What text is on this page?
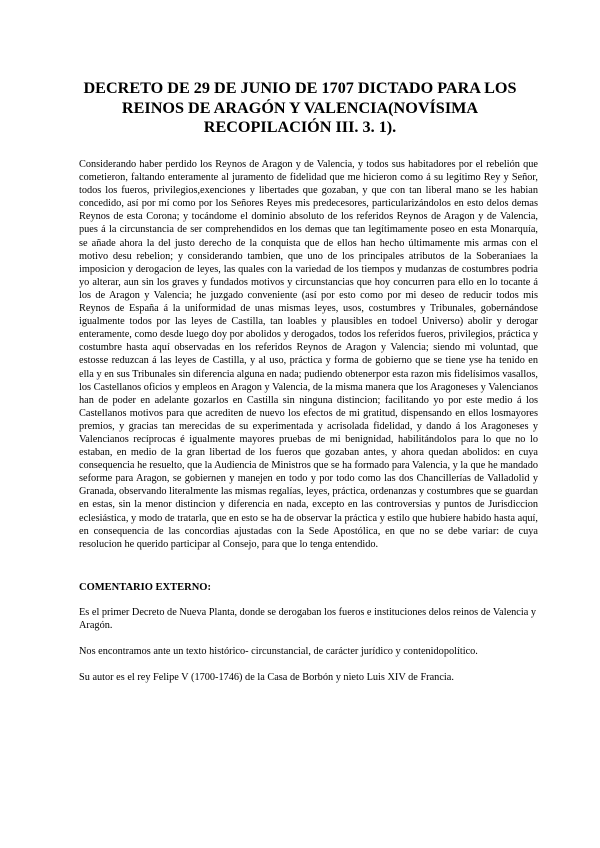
DECRETO DE 29 DE JUNIO DE 1707 DICTADO PARA LOS REINOS DE ARAGÓN Y VALENCIA(NOVÍSIMA RECOPILACIÓN III. 3. 1).

Considerando haber perdido los Reynos de Aragon y de Valencia, y todos sus habitadores por el rebelión que cometieron, faltando enteramente al juramento de fidelidad que me hicieron como á su legítimo Rey y Señor, todos los fueros, privilegios,exenciones y libertades que gozaban, y que con tan liberal mano se les habian concedido, así por mí como por los Señores Reyes mis predecesores, particularizándolos en esto delos demas Reynos de esta Corona; y tocándome el dominio absoluto de los referidos Reynos de Aragon y de Valencia, pues á la circunstancia de ser comprehendidos en los demas que tan legítimamente poseo en esta Monarquía, se añade ahora la del justo derecho de la conquista que de ellos han hecho últimamente mis armas con el motivo desu rebelion; y considerando tambien, que uno de los principales atributos de la Soberaniaes la imposicion y derogacion de leyes, las quales con la variedad de los tiempos y mudanzas de costumbres podria yo alterar, aun sin los graves y fundados motivos y circunstancias que hoy concurren para ello en lo tocante á los de Aragon y Valencia; he juzgado conveniente (así por esto como por mi deseo de reducir todos mis Reynos de España á la uniformidad de unas mismas leyes, usos, costumbres y Tribunales, gobernándose igualmente todos por las leyes de Castilla, tan loables y plausibles en todoel Universo) abolir y derogar enteramente, como desde luego doy por abolidos y derogados, todos los referidos fueros, privilegios, práctica y costumbre hasta aquí observadas en los referidos Reynos de Aragon y Valencia; siendo mi voluntad, que estosse reduzcan á las leyes de Castilla, y al uso, práctica y forma de gobierno que se tiene yse ha tenido en ella y en sus Tribunales sin diferencia alguna en nada; pudiendo obtenerpor esta razon mis fidelísimos vasallos, los Castellanos oficios y empleos en Aragon y Valencia, de la misma manera que los Aragoneses y Valencianos han de poder en adelante gozarlos en Castilla sin ninguna distincion; facilitando yo por este medio á los Castellanos motivos para que acrediten de nuevo los efectos de mi gratitud, dispensando en ellos losmayores premios, y gracias tan merecidas de su experimentada y acrisolada fidelidad, y dando á los Aragoneses y Valencianos recíprocas é igualmente mayores pruebas de mi benignidad, habilitándolos para lo que no lo estaban, en medio de la gran libertad de los fueros que gozaban antes, y ahora quedan abolidos: en cuya consequencia he resuelto, que la Audiencia de Ministros que se ha formado para Valencia, y la que he mandado seforme para Aragon, se gobiernen y manejen en todo y por todo como las dos Chancillerías de Valladolid y Granada, observando literalmente las mismas regalías, leyes, práctica, ordenanzas y costumbres que se guardan en estas, sin la menor distincion y diferencia en nada, excepto en las controversias y puntos de Jurisdiccion eclesiástica, y modo de tratarla, que en esto se ha de observar la práctica y estilo que hubiere habido hasta aquí, en consequencia de las concordias ajustadas con la Sede Apostólica, en que no se debe variar: de cuya resolucion he querido participar al Consejo, para que lo tenga entendido.

COMENTARIO EXTERNO:

Es el primer Decreto de Nueva Planta, donde se derogaban los fueros e instituciones delos reinos de Valencia y Aragón.

Nos encontramos ante un texto histórico- circunstancial, de carácter jurídico y contenidopolítico.

Su autor es el rey Felipe V (1700-1746) de la Casa de Borbón y nieto Luis XIV de Francia.
